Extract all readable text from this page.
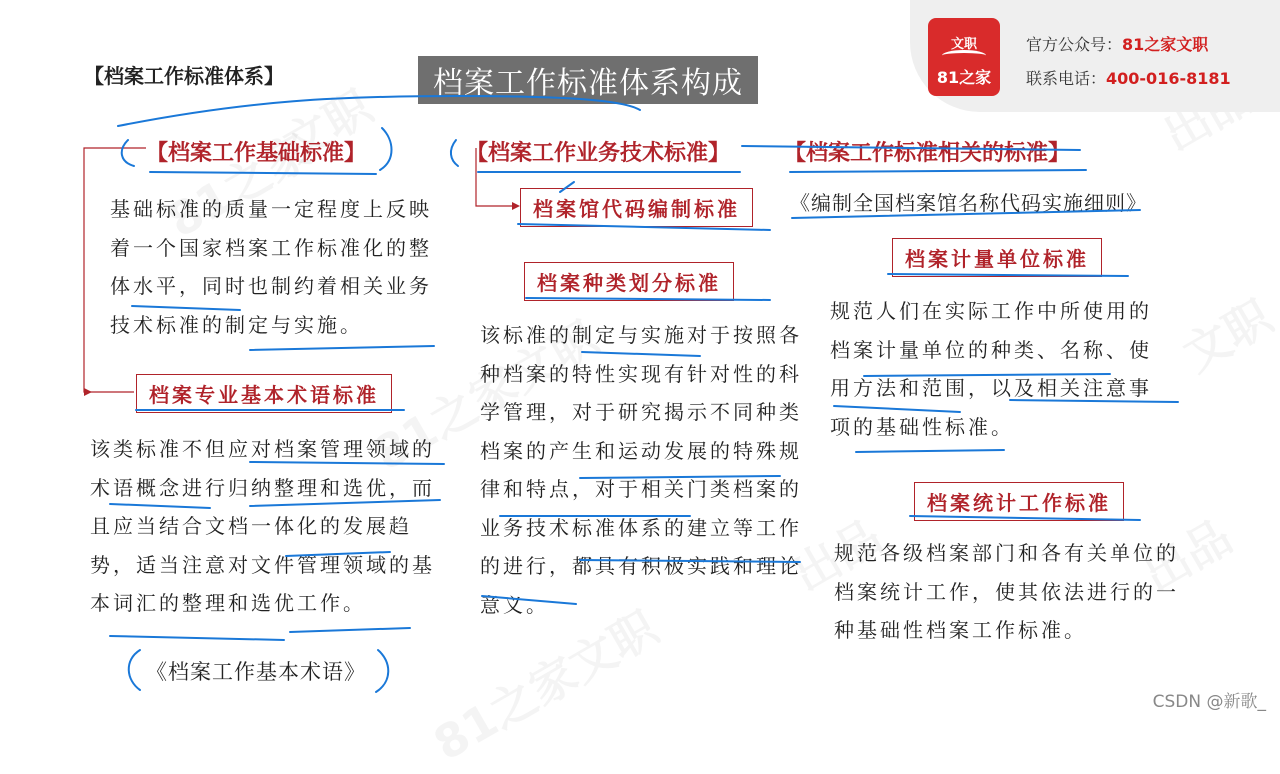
文职
81之家
官方公众号：81之家文职
联系电话：400-016-8181
【档案工作标准体系】	档案工作标准体系构成
【档案工作基础标准】	【档案工作业务技术标准】 【档案工作标准相关的标准】
基础标准的质量一定程度上反映着一个国家档案工作标准化的整体水平，同时也制约着相关业务技术标准的制定与实施。
档案专业基本术语标准
该类标准不但应对档案管理领域的术语概念进行归纳整理和选优，而且应当结合文档一体化的发展趋势，适当注意对文件管理领域的基本词汇的整理和选优工作。
《档案工作基本术语》
档案馆代码编制标准
档案种类划分标准
该标准的制定与实施对于按照各种档案的特性实现有针对性的科学管理，对于研究揭示不同种类档案的产生和运动发展的特殊规律和特点，对于相关门类档案的业务技术标准体系的建立等工作的进行，都具有积极实践和理论意义。
《编制全国档案馆名称代码实施细则》
档案计量单位标准
规范人们在实际工作中所使用的档案计量单位的种类、名称、使用方法和范围，以及相关注意事项的基础性标准。
档案统计工作标准
规范各级档案部门和各有关单位的档案统计工作，使其依法进行的一种基础性档案工作标准。
CSDN @新歌_
